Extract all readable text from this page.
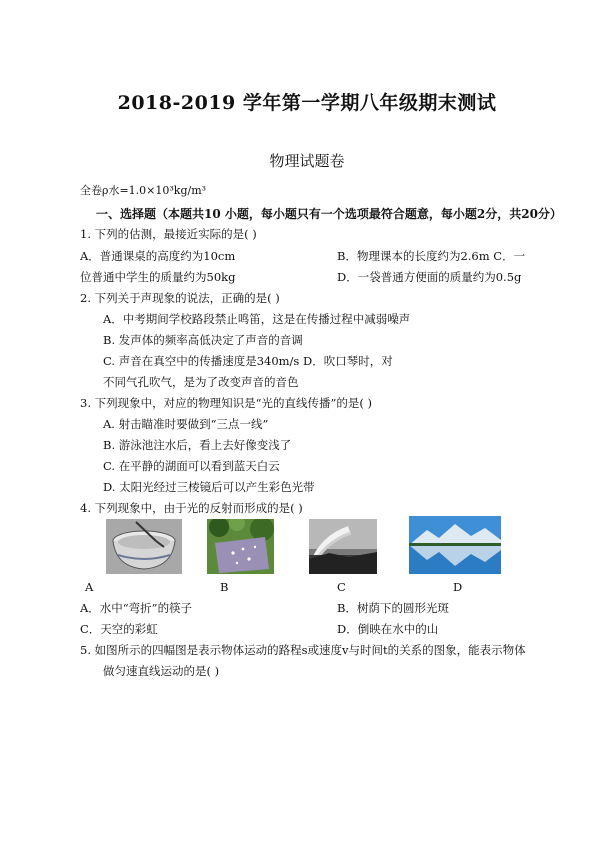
2018-2019 学年第一学期八年级期末测试
物理试题卷
全卷ρ水=1.0×10³kg/m³
一、选择题（本题共10 小题，每小题只有一个选项最符合题意，每小题2分，共20分）
1. 下列的估测，最接近实际的是( )
A．普通课桌的高度约为10cm	B．物理课本的长度约为2.6m C．一
位普通中学生的质量约为50kg	D．一袋普通方便面的质量约为0.5g
2. 下列关于声现象的说法，正确的是( )
A．中考期间学校路段禁止鸣笛，这是在传播过程中减弱噪声
B. 发声体的频率高低决定了声音的音调
C. 声音在真空中的传播速度是340m/s D．吹口琴时，对
不同气孔吹气，是为了改变声音的音色
3. 下列现象中，对应的物理知识是“光的直线传播”的是( )
A. 射击瞄准时要做到“三点一线”
B. 游泳池注水后，看上去好像变浅了
C. 在平静的湖面可以看到蓝天白云
D. 太阳光经过三棱镜后可以产生彩色光带
4. 下列现象中，由于光的反射而形成的是( )
A	B	C	D
A．水中“弯折”的筷子	B．树荫下的圆形光斑
C．天空的彩虹	D．倒映在水中的山
5. 如图所示的四幅图是表示物体运动的路程s或速度v与时间t的关系的图象，能表示物体
做匀速直线运动的是( )
